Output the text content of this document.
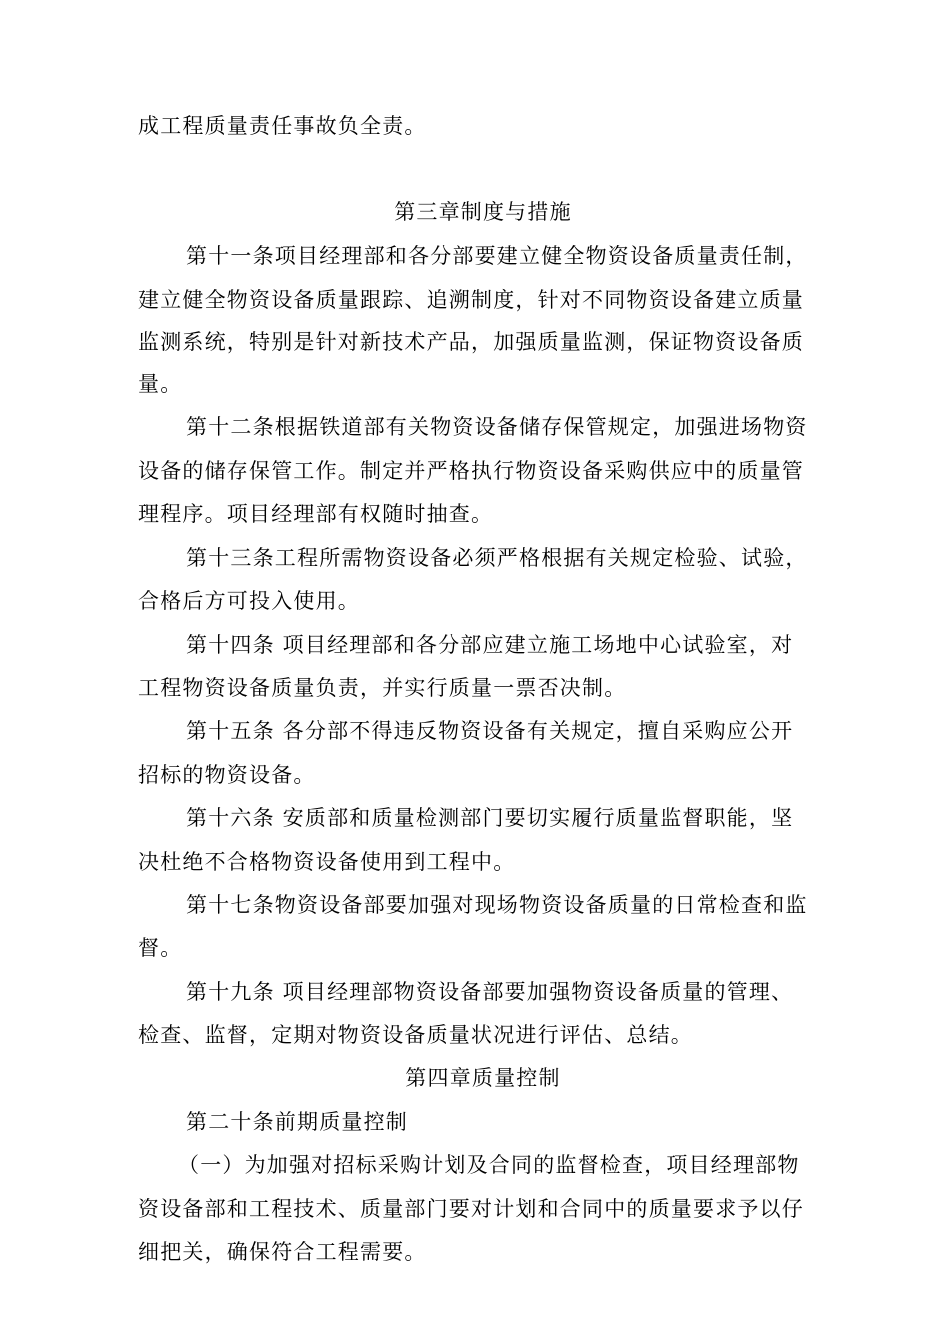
成工程质量责任事故负全责。
第三章制度与措施
第十一条项目经理部和各分部要建立健全物资设备质量责任制，
建立健全物资设备质量跟踪、追溯制度，针对不同物资设备建立质量
监测系统，特别是针对新技术产品，加强质量监测，保证物资设备质
量。
第十二条根据铁道部有关物资设备储存保管规定，加强进场物资
设备的储存保管工作。制定并严格执行物资设备采购供应中的质量管
理程序。项目经理部有权随时抽查。
第十三条工程所需物资设备必须严格根据有关规定检验、试验，
合格后方可投入使用。
第十四条 项目经理部和各分部应建立施工场地中心试验室，对
工程物资设备质量负责，并实行质量一票否决制。
第十五条 各分部不得违反物资设备有关规定，擅自采购应公开
招标的物资设备。
第十六条 安质部和质量检测部门要切实履行质量监督职能，坚
决杜绝不合格物资设备使用到工程中。
第十七条物资设备部要加强对现场物资设备质量的日常检查和监
督。
第十九条 项目经理部物资设备部要加强物资设备质量的管理、
检查、监督，定期对物资设备质量状况进行评估、总结。
第四章质量控制
第二十条前期质量控制
（一）为加强对招标采购计划及合同的监督检查，项目经理部物
资设备部和工程技术、质量部门要对计划和合同中的质量要求予以仔
细把关，确保符合工程需要。
